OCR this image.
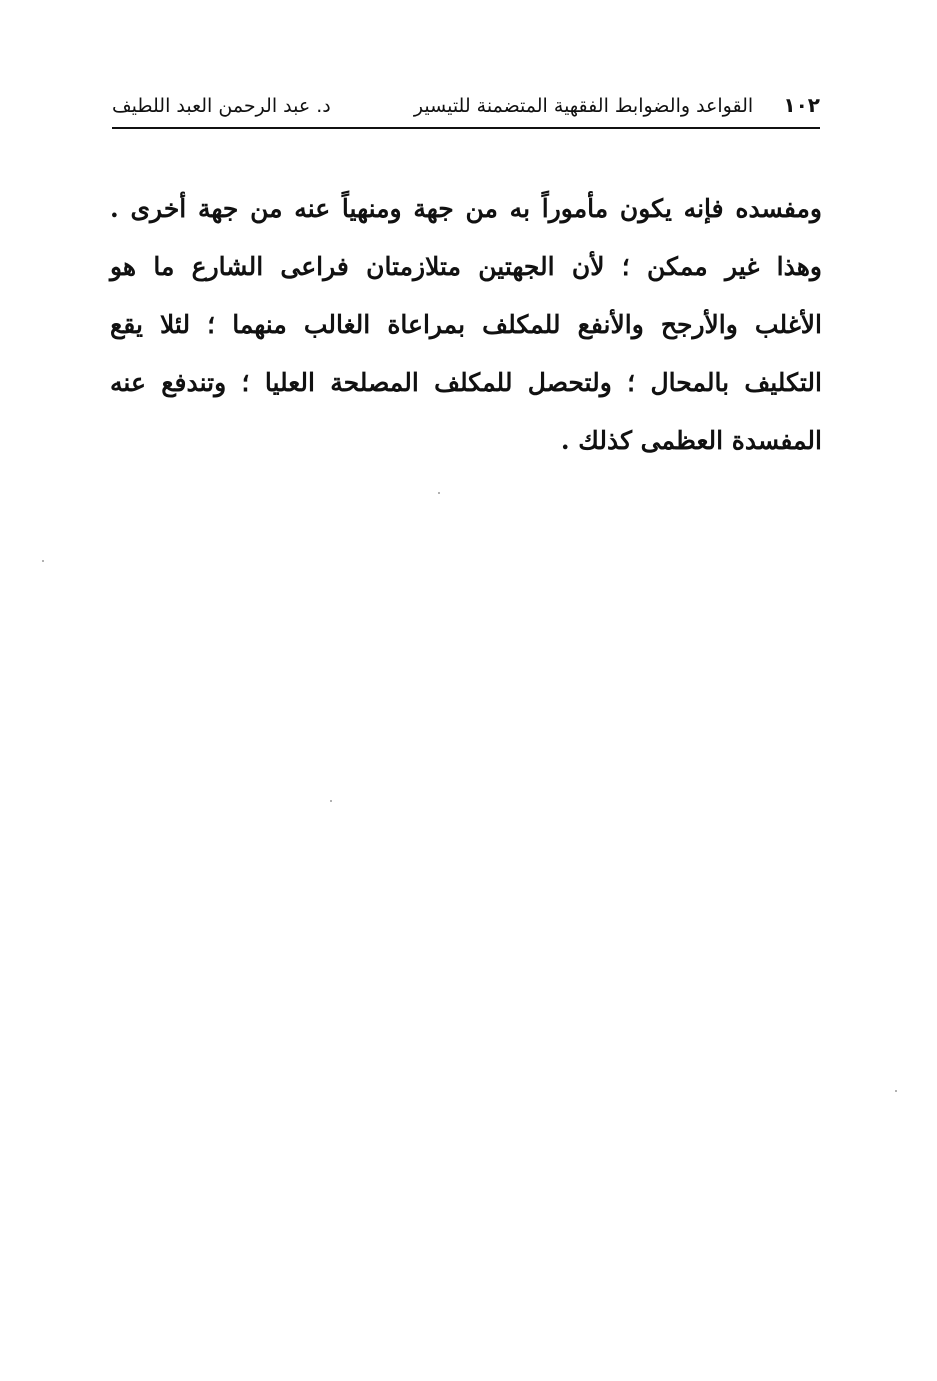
١٠٢     القواعد والضوابط الفقهية المتضمنة للتيسير
د. عبد الرحمن العبد اللطيف
ومفسده فإنه يكون مأموراً به من جهة ومنهياً عنه من جهة أخرى .
وهذا غير ممكن ؛ لأن الجهتين متلازمتان فراعى الشارع ما هو
الأغلب والأرجح والأنفع للمكلف بمراعاة الغالب منهما ؛ لئلا يقع
التكليف بالمحال ؛ ولتحصل للمكلف المصلحة العليا ؛ وتندفع عنه
المفسدة العظمى كذلك .
